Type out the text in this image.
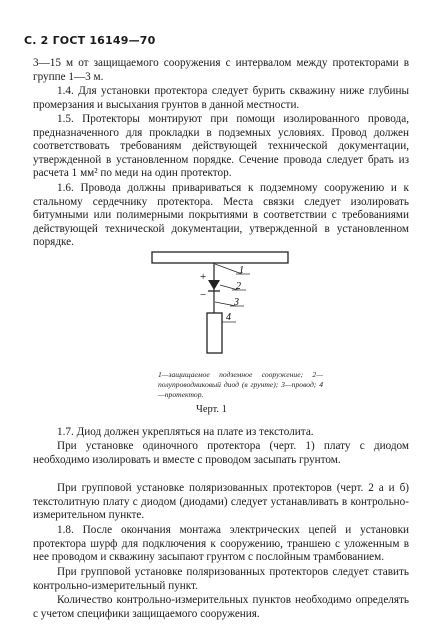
С. 2 ГОСТ 16149—70
3—15 м от защищаемого сооружения с интервалом между протекторами в группе 1—3 м.
1.4. Для установки протектора следует бурить скважину ниже глубины промерзания и высыхания грунтов в данной местности.
1.5. Протекторы монтируют при помощи изолированного провода, предназначенного для прокладки в подземных условиях. Провод должен соответствовать требованиям действующей технической документации, утвержденной в установленном порядке. Сечение провода следует брать из расчета 1 мм² по меди на один протектор.
1.6. Провода должны привариваться к подземному сооружению и к стальному сердечнику протектора. Места связки следует изолировать битумными или полимерными покрытиями в соответствии с требованиями действующей технической документации, утвержденной в установленном порядке.
+
−
1
2
3
4
1—защищаемое подземное сооружение; 2—полупроводниковый диод (в грунте); 3—провод; 4—протектор.
Черт. 1
1.7. Диод должен укрепляться на плате из текстолита.
При установке одиночного протектора (черт. 1) плату с диодом необходимо изолировать и вместе с проводом засыпать грунтом.
При групповой установке поляризованных протекторов (черт. 2 а и б) текстолитную плату с диодом (диодами) следует устанавливать в контрольно-измерительном пункте.
1.8. После окончания монтажа электрических цепей и установки протектора шурф для подключения к сооружению, траншею с уложенным в нее проводом и скважину засыпают грунтом с послойным трамбованием.
При групповой установке поляризованных протекторов следует ставить контрольно-измерительный пункт.
Количество контрольно-измерительных пунктов необходимо определять с учетом специфики защищаемого сооружения.
